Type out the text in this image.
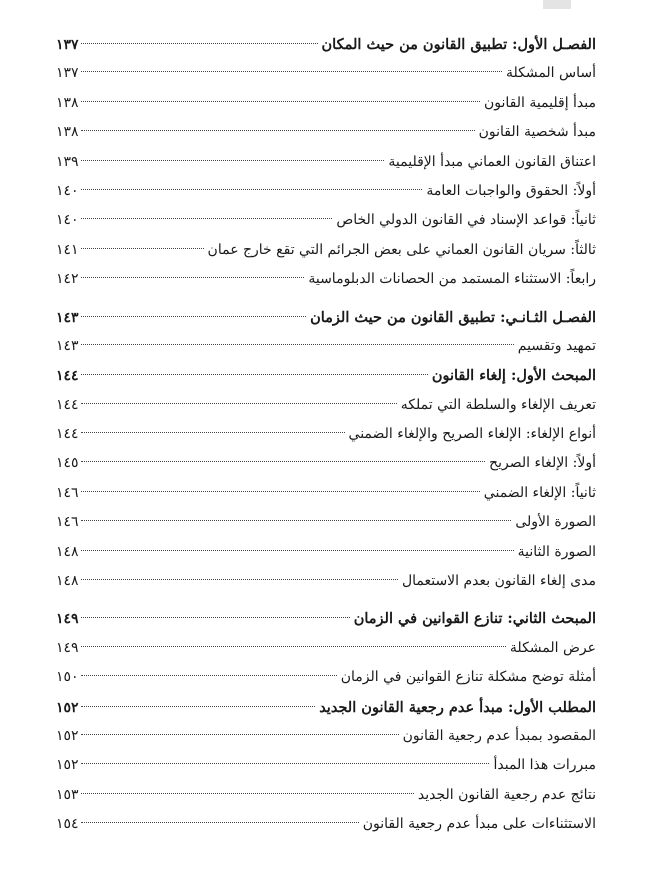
الفصـل الأول: تطبيق القانون من حيث المكان
١٣٧
أساس المشكلة
١٣٧
مبدأ إقليمية القانون
١٣٨
مبدأ شخصية القانون
١٣٨
اعتناق القانون العماني مبدأ الإقليمية
١٣٩
أولاً: الحقوق والواجبات العامة
١٤٠
ثانياً: قواعد الإسناد في القانون الدولي الخاص
١٤٠
ثالثاً: سريان القانون العماني على بعض الجرائم التي تقع خارج عمان
١٤١
رابعاً: الاستثناء المستمد من الحصانات الدبلوماسية
١٤٢
الفصـل الثـانـي: تطبيق القانون من حيث الزمان
١٤٣
تمهيد وتقسيم
١٤٣
المبحث الأول: إلغاء القانون
١٤٤
تعريف الإلغاء والسلطة التي تملكه
١٤٤
أنواع الإلغاء: الإلغاء الصريح والإلغاء الضمني
١٤٤
أولاً: الإلغاء الصريح
١٤٥
ثانياً: الإلغاء الضمني
١٤٦
الصورة الأولى
١٤٦
الصورة الثانية
١٤٨
مدى إلغاء القانون بعدم الاستعمال
١٤٨
المبحث الثاني: تنازع القوانين في الزمان
١٤٩
عرض المشكلة
١٤٩
أمثلة توضح مشكلة تنازع القوانين في الزمان
١٥٠
المطلب الأول: مبدأ عدم رجعية القانون الجديد
١٥٢
المقصود بمبدأ عدم رجعية القانون
١٥٢
مبررات هذا المبدأ
١٥٢
نتائج عدم رجعية القانون الجديد
١٥٣
الاستثناءات على مبدأ عدم رجعية القانون
١٥٤
